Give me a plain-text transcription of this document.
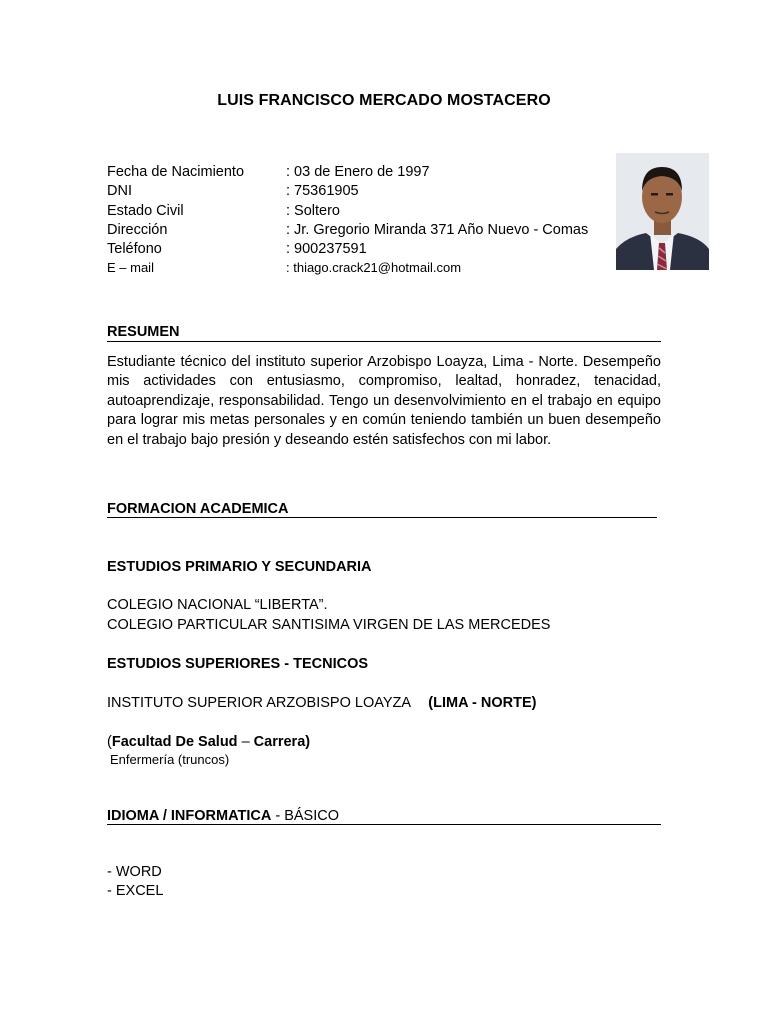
LUIS FRANCISCO MERCADO MOSTACERO
Fecha de Nacimiento	: 03 de Enero de 1997
DNI	: 75361905
Estado Civil	: Soltero
Dirección	: Jr. Gregorio Miranda 371 Año Nuevo - Comas
Teléfono	: 900237591
E – mail	: thiago.crack21@hotmail.com
RESUMEN
Estudiante técnico del instituto superior Arzobispo Loayza, Lima - Norte. Desempeño mis actividades con entusiasmo, compromiso, lealtad, honradez, tenacidad, autoaprendizaje, responsabilidad. Tengo un desenvolvimiento en el trabajo en equipo para lograr mis metas personales y en común teniendo también un buen desempeño en el trabajo bajo presión y deseando estén satisfechos con mi labor.
FORMACION ACADEMICA
ESTUDIOS PRIMARIO Y SECUNDARIA
COLEGIO NACIONAL “LIBERTA”.
COLEGIO PARTICULAR SANTISIMA VIRGEN DE LAS MERCEDES
ESTUDIOS SUPERIORES - TECNICOS
INSTITUTO SUPERIOR ARZOBISPO LOAYZA (LIMA - NORTE)
(Facultad De Salud – Carrera)
Enfermería (truncos)
IDIOMA / INFORMATICA - BÁSICO
- WORD
- EXCEL
